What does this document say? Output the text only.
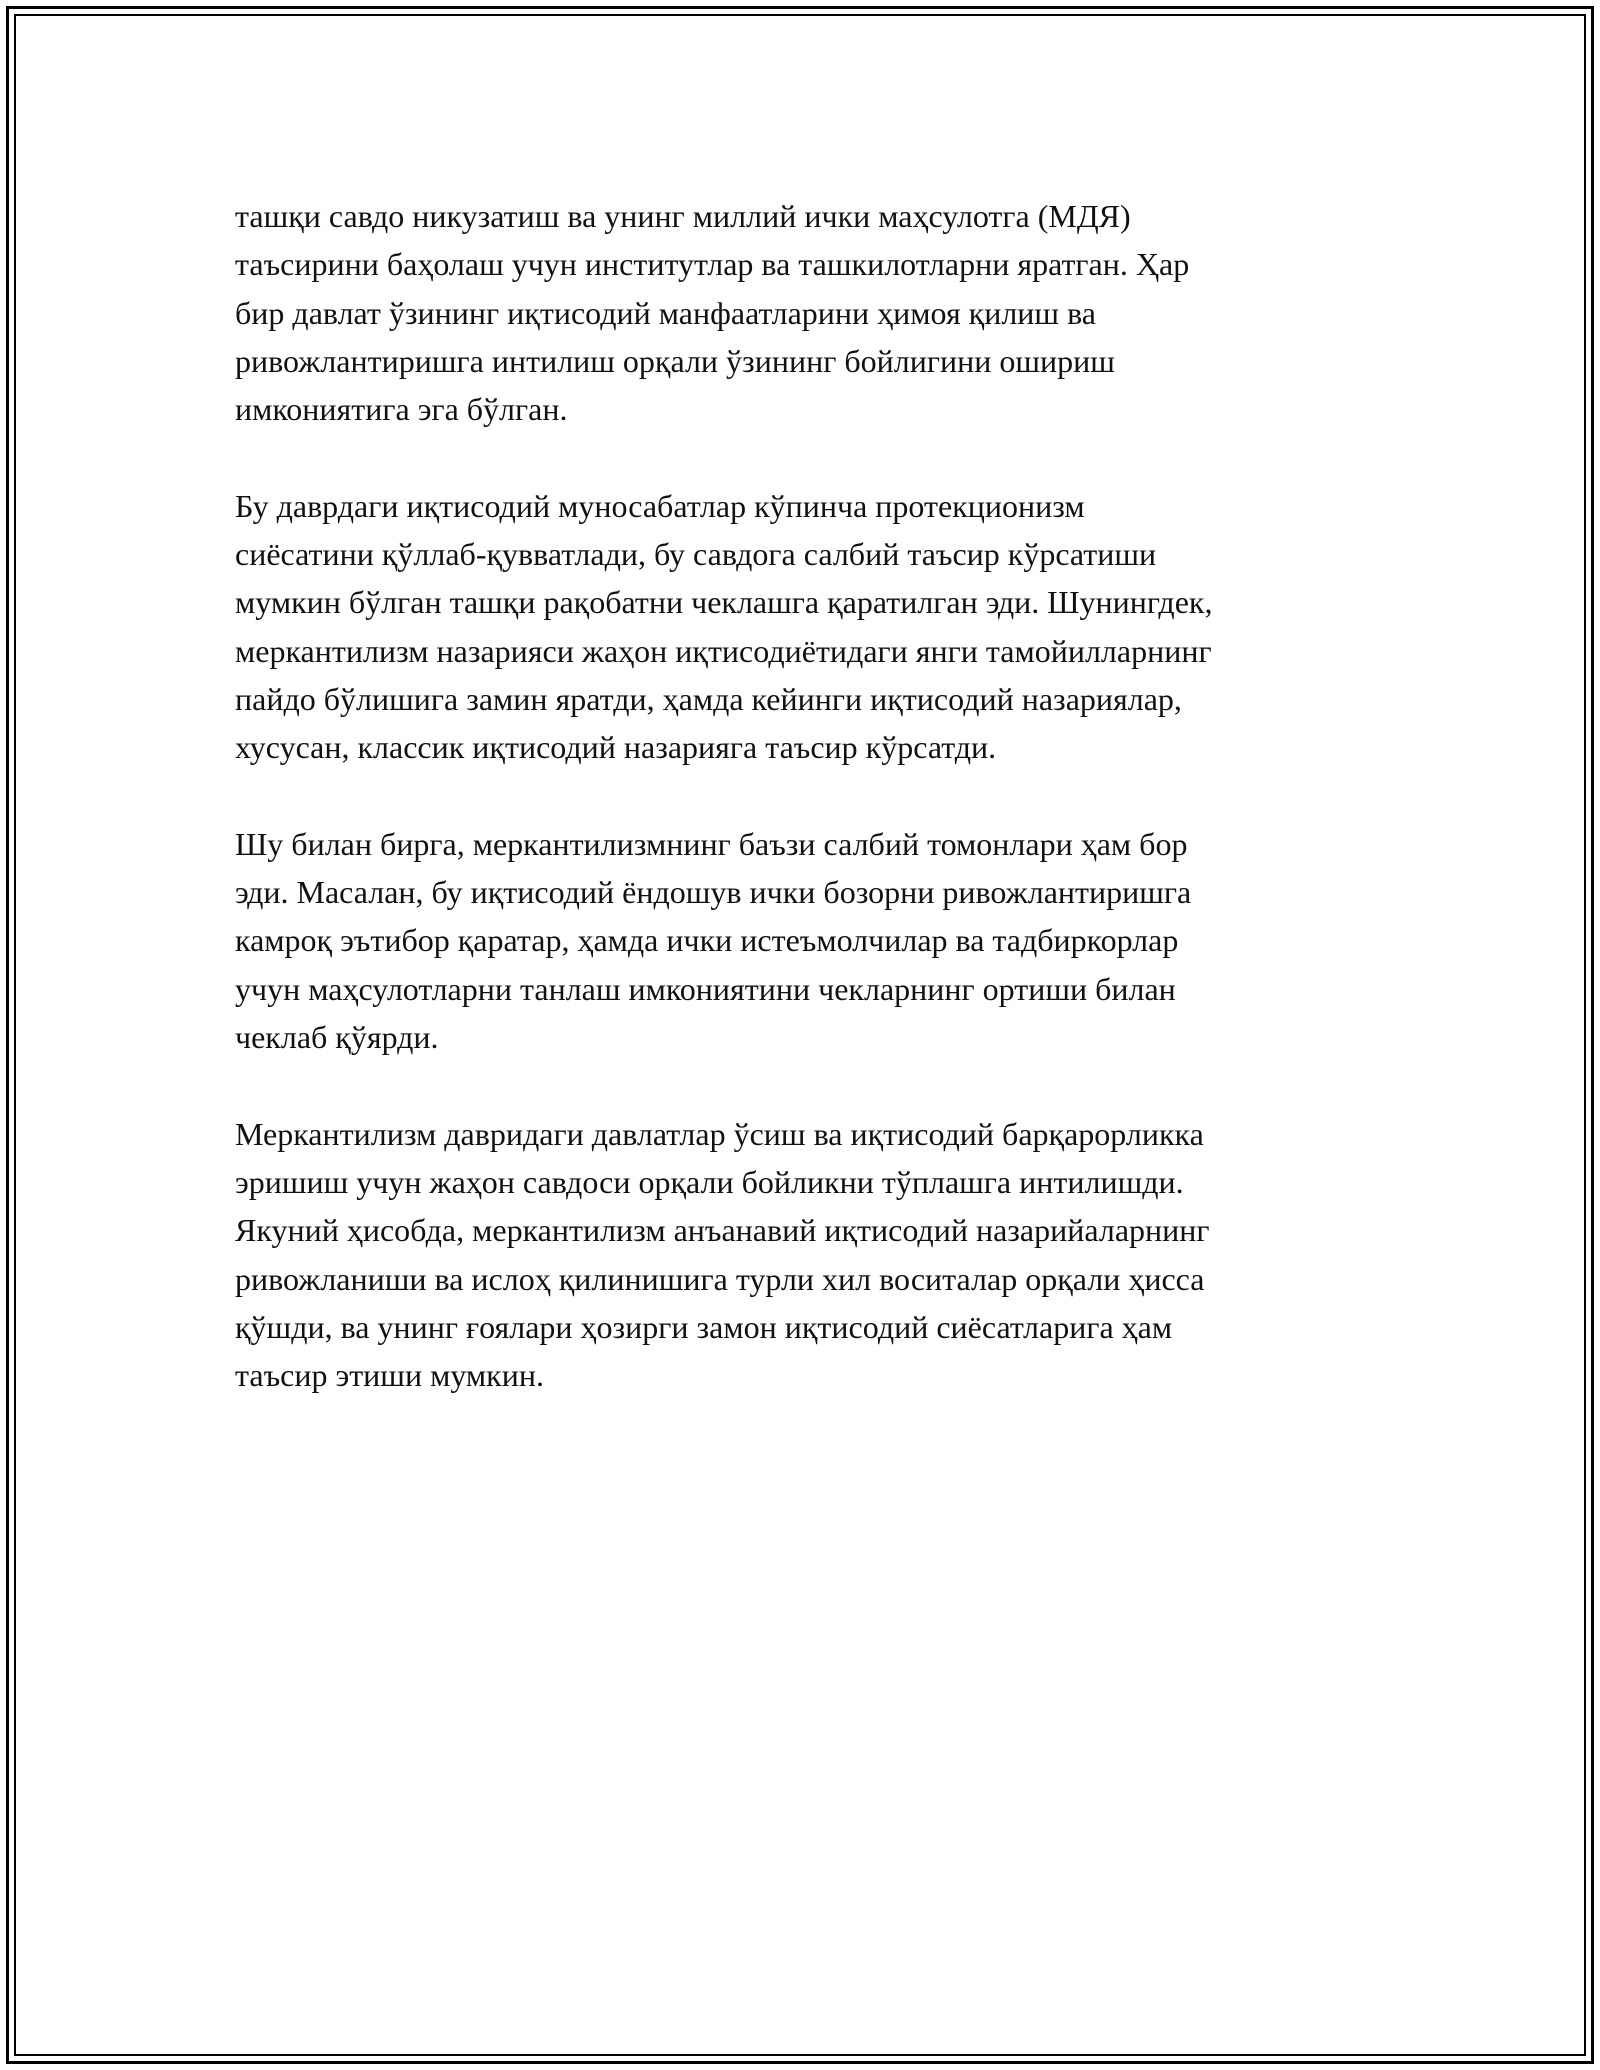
ташқи савдо никузатиш ва унинг миллий ички маҳсулотга (МДЯ)
таъсирини баҳолаш учун институтлар ва ташкилотларни яратган. Ҳар
бир давлат ўзининг иқтисодий манфаатларини ҳимоя қилиш ва
ривожлантиришга интилиш орқали ўзининг бойлигини ошириш
имкониятига эга бўлган.

Бу даврдаги иқтисодий муносабатлар кўпинча протекционизм
сиёсатини қўллаб-қувватлади, бу савдога салбий таъсир кўрсатиши
мумкин бўлган ташқи рақобатни чеклашга қаратилган эди. Шунингдек,
меркантилизм назарияси жаҳон иқтисодиётидаги янги тамойилларнинг
пайдо бўлишига замин яратди, ҳамда кейинги иқтисодий назариялар,
хусусан, классик иқтисодий назарияга таъсир кўрсатди.

Шу билан бирга, меркантилизмнинг баъзи салбий томонлари ҳам бор
эди. Масалан, бу иқтисодий ёндошув ички бозорни ривожлантиришга
камроқ эътибор қаратар, ҳамда ички истеъмолчилар ва тадбиркорлар
учун маҳсулотларни танлаш имкониятини чекларнинг ортиши билан
чеклаб қўярди.

Меркантилизм давридаги давлатлар ўсиш ва иқтисодий барқарорликка
эришиш учун жаҳон савдоси орқали бойликни тўплашга интилишди.
Якуний ҳисобда, меркантилизм анъанавий иқтисодий назарийаларнинг
ривожланиши ва ислоҳ қилинишига турли хил воситалар орқали ҳисса
қўшди, ва унинг ғоялари ҳозирги замон иқтисодий сиёсатларига ҳам
таъсир этиши мумкин.
